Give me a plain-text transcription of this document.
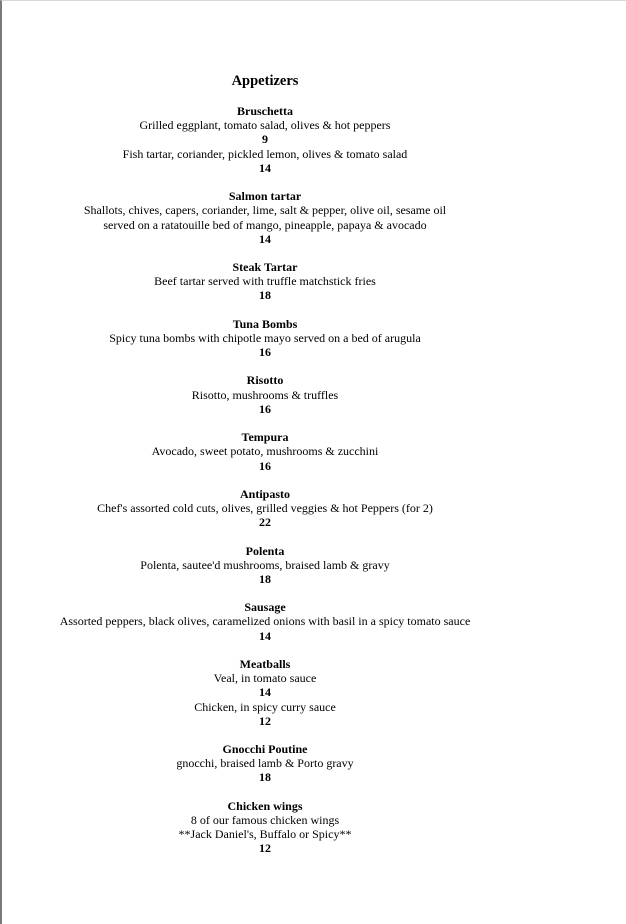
Appetizers
Bruschetta
Grilled eggplant, tomato salad, olives & hot peppers
9
Fish tartar, coriander, pickled lemon, olives & tomato salad
14
Salmon tartar
Shallots, chives, capers, coriander, lime, salt & pepper, olive oil, sesame oil
served on a ratatouille bed of mango, pineapple, papaya & avocado
14
Steak Tartar
Beef tartar served with truffle matchstick fries
18
Tuna Bombs
Spicy tuna bombs with chipotle mayo served on a bed of arugula
16
Risotto
Risotto, mushrooms & truffles
16
Tempura
Avocado, sweet potato, mushrooms & zucchini
16
Antipasto
Chef's assorted cold cuts, olives, grilled veggies & hot Peppers (for 2)
22
Polenta
Polenta, sautee'd mushrooms, braised lamb & gravy
18
Sausage
Assorted peppers, black olives, caramelized onions with basil in a spicy tomato sauce
14
Meatballs
Veal, in tomato sauce
14
Chicken, in spicy curry sauce
12
Gnocchi Poutine
gnocchi, braised lamb & Porto gravy
18
Chicken wings
8 of our famous chicken wings
**Jack Daniel's, Buffalo or Spicy**
12
